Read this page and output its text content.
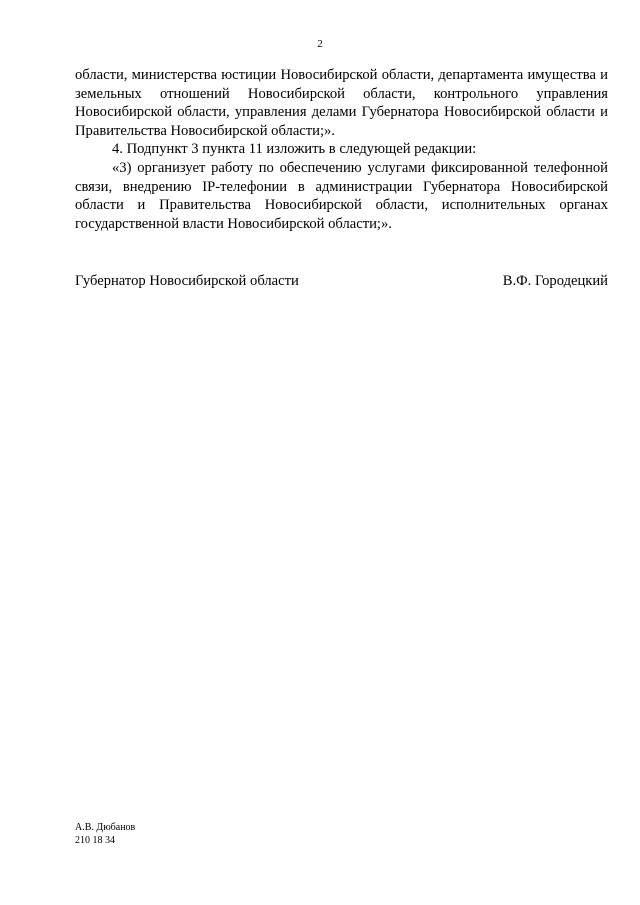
2

области, министерства юстиции Новосибирской области, департамента имущества и земельных отношений Новосибирской области, контрольного управления Новосибирской области, управления делами Губернатора Новосибирской области и Правительства Новосибирской области;».

4. Подпункт 3 пункта 11 изложить в следующей редакции:

«3) организует работу по обеспечению услугами фиксированной телефонной связи, внедрению IP-телефонии в администрации Губернатора Новосибирской области и Правительства Новосибирской области, исполнительных органах государственной власти Новосибирской области;».

Губернатор Новосибирской области	В.Ф. Городецкий
А.В. Дюбанов
210 18 34
